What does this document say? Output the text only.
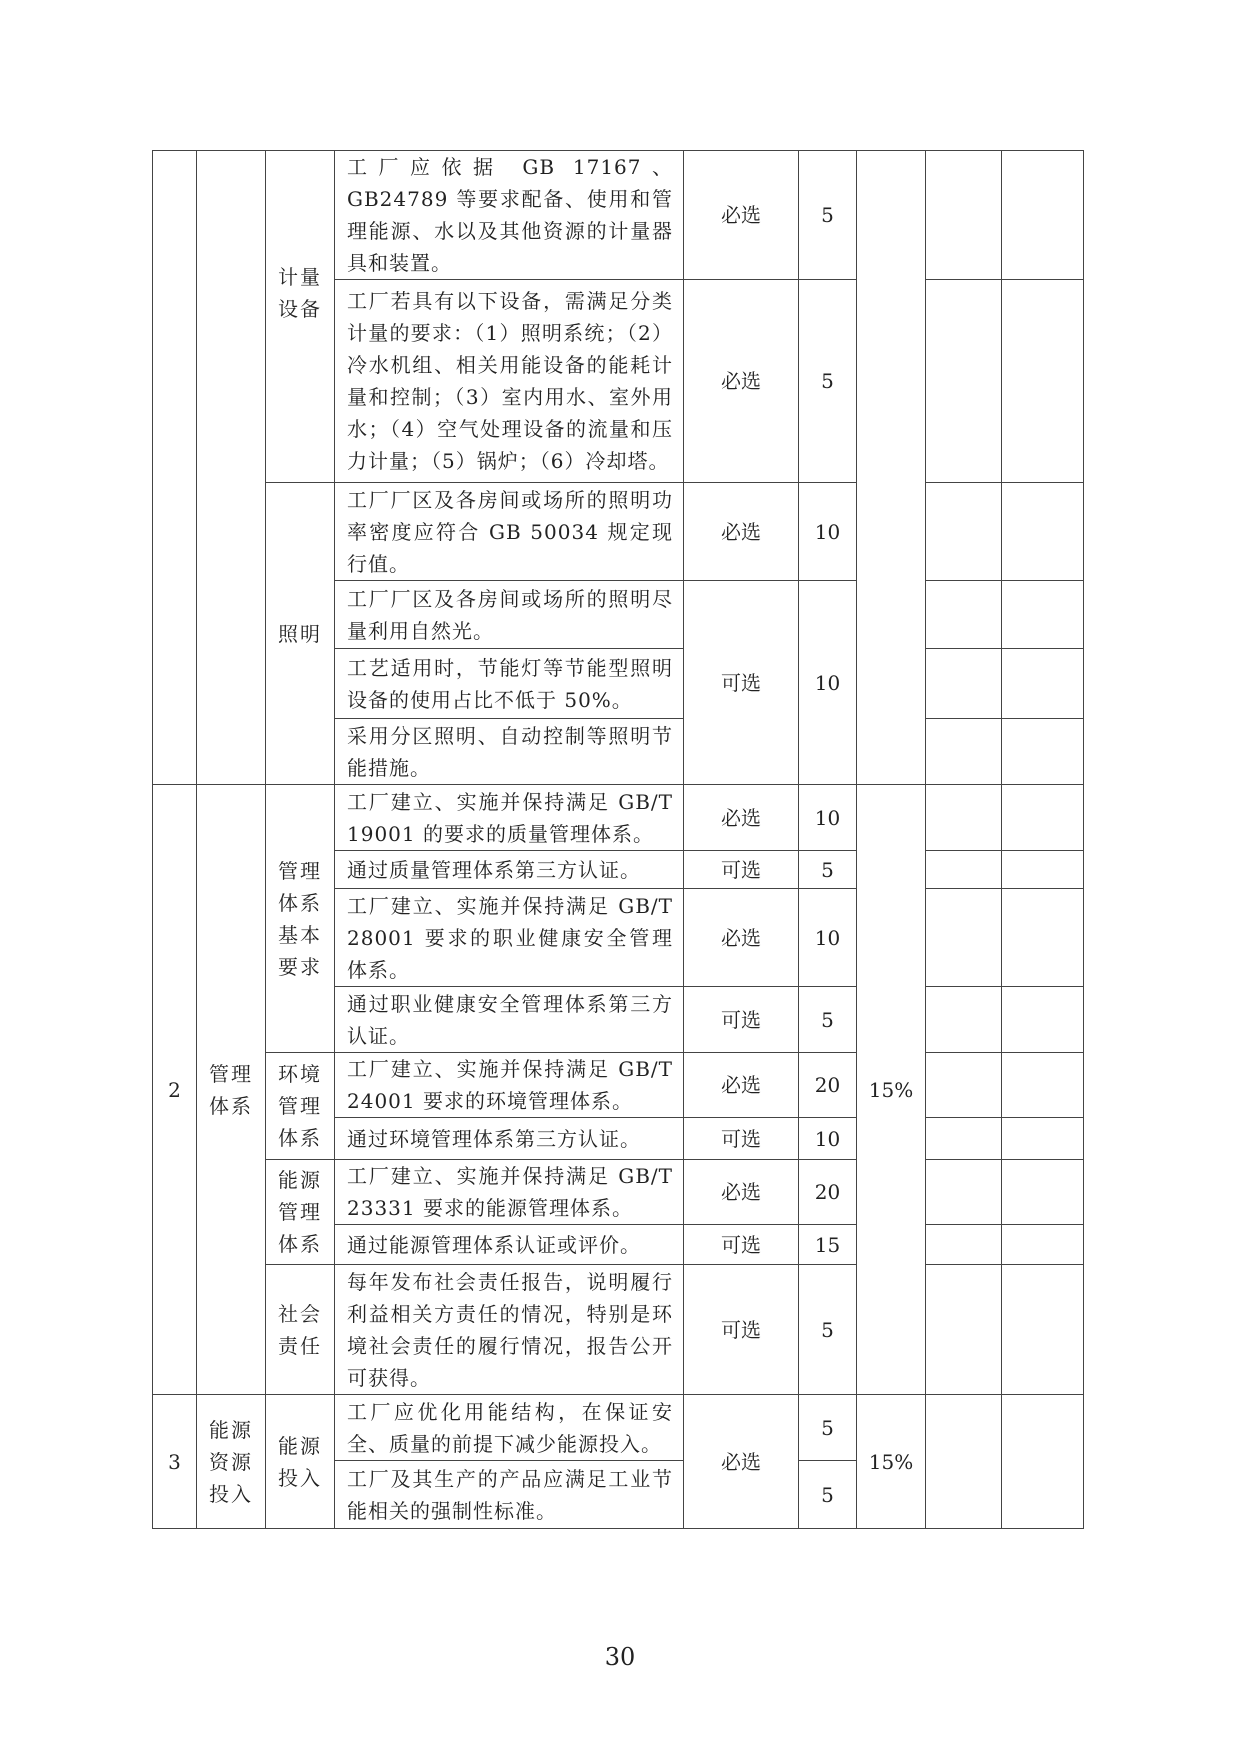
		计量设备	工厂应依据 GB 17167、GB24789 等要求配备、使用和管理能源、水以及其他资源的计量器具和装置。	必选	5			
			工厂若具有以下设备，需满足分类计量的要求：（1）照明系统；（2）冷水机组、相关用能设备的能耗计量和控制；（3）室内用水、室外用水；（4）空气处理设备的流量和压力计量；（5）锅炉；（6）冷却塔。	必选	5			
		照明	工厂厂区及各房间或场所的照明功率密度应符合 GB 50034 规定现行值。	必选	10			
			工厂厂区及各房间或场所的照明尽量利用自然光。	可选	10			
			工艺适用时，节能灯等节能型照明设备的使用占比不低于 50%。					
			采用分区照明、自动控制等照明节能措施。					
2	管理体系	管理体系基本要求	工厂建立、实施并保持满足 GB/T 19001 的要求的质量管理体系。	必选	10	15%		
			通过质量管理体系第三方认证。	可选	5			
			工厂建立、实施并保持满足 GB/T 28001 要求的职业健康安全管理体系。	必选	10			
			通过职业健康安全管理体系第三方认证。	可选	5			
		环境管理体系	工厂建立、实施并保持满足 GB/T 24001 要求的环境管理体系。	必选	20			
			通过环境管理体系第三方认证。	可选	10			
		能源管理体系	工厂建立、实施并保持满足 GB/T 23331 要求的能源管理体系。	必选	20			
			通过能源管理体系认证或评价。	可选	15			
		社会责任	每年发布社会责任报告，说明履行利益相关方责任的情况，特别是环境社会责任的履行情况，报告公开可获得。	可选	5			
3	能源资源投入	能源投入	工厂应优化用能结构，在保证安全、质量的前提下减少能源投入。	必选	5	15%		
			工厂及其生产的产品应满足工业节能相关的强制性标准。		5			
30
